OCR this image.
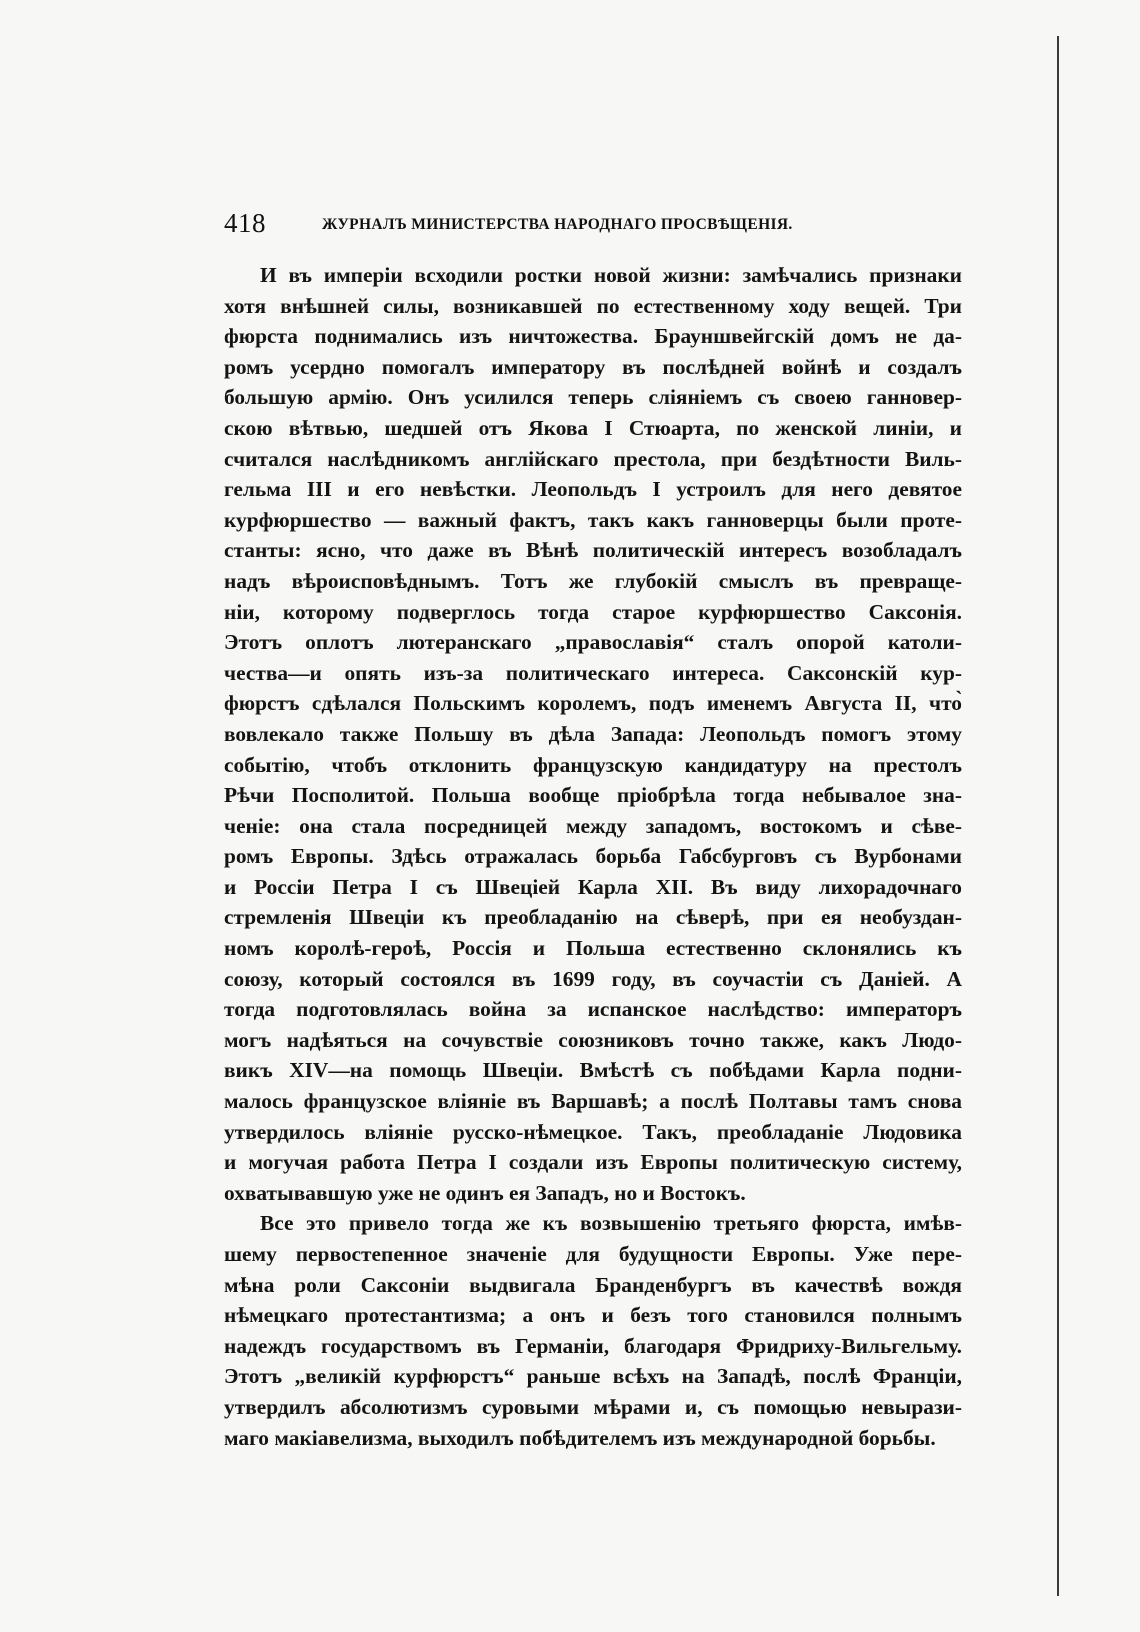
418	ЖУРНАЛЪ МИНИСТЕРСТВА НАРОДНАГО ПРОСВѢЩЕНІЯ.
И въ имперіи всходили ростки новой жизни: замѣчались признаки
хотя внѣшней силы, возникавшей по естественному ходу вещей. Три
фюрста поднимались изъ ничтожества. Брауншвейгскій домъ не да-
ромъ усердно помогалъ императору въ послѣдней войнѣ и создалъ
большую армію. Онъ усилился теперь сліяніемъ съ своею ганновер-
скою вѣтвью, шедшей отъ Якова I Стюарта, по женской линіи, и
считался наслѣдникомъ англійскаго престола, при бездѣтности Виль-
гельма III и его невѣстки. Леопольдъ I устроилъ для него девятое
курфюршество — важный фактъ, такъ какъ ганноверцы были проте-
станты: ясно, что даже въ Вѣнѣ политическій интересъ возобладалъ
надъ вѣроисповѣднымъ. Тотъ же глубокій смыслъ въ превраще-
ніи, которому подверглось тогда старое курфюршество Саксонія.
Этотъ оплотъ лютеранскаго „православія“ сталъ опорой католи-
чества—и опять изъ-за политическаго интереса. Саксонскій кур-
фюрстъ сдѣлался Польскимъ королемъ, подъ именемъ Августа II, что̀
вовлекало также Польшу въ дѣла Запада: Леопольдъ помогъ этому
событію, чтобъ отклонить французскую кандидатуру на престолъ
Рѣчи Посполитой. Польша вообще пріобрѣла тогда небывалое зна-
ченіе: она стала посредницей между западомъ, востокомъ и сѣве-
ромъ Европы. Здѣсь отражалась борьба Габсбурговъ съ Вурбонами
и Россіи Петра I съ Швеціей Карла XII. Въ виду лихорадочнаго
стремленія Швеціи къ преобладанію на сѣверѣ, при ея необуздан-
номъ королѣ-героѣ, Россія и Польша естественно склонялись къ
союзу, который состоялся въ 1699 году, въ соучастіи съ Даніей. А
тогда подготовлялась война за испанское наслѣдство: императоръ
могъ надѣяться на сочувствіе союзниковъ точно также, какъ Людо-
викъ XIV—на помощь Швеціи. Вмѣстѣ съ побѣдами Карла подни-
малось французское вліяніе въ Варшавѣ; а послѣ Полтавы тамъ снова
утвердилось вліяніе русско-нѣмецкое. Такъ, преобладаніе Людовика
и могучая работа Петра I создали изъ Европы политическую систему,
охватывавшую уже не одинъ ея Западъ, но и Востокъ.
Все это привело тогда же къ возвышенію третьяго фюрста, имѣв-
шему первостепенное значеніе для будущности Европы. Уже пере-
мѣна роли Саксоніи выдвигала Бранденбургъ въ качествѣ вождя
нѣмецкаго протестантизма; а онъ и безъ того становился полнымъ
надеждъ государствомъ въ Германіи, благодаря Фридриху-Вильгельму.
Этотъ „великій курфюрстъ“ раньше всѣхъ на Западѣ, послѣ Франціи,
утвердилъ абсолютизмъ суровыми мѣрами и, съ помощью невырази-
маго макіавелизма, выходилъ побѣдителемъ изъ международной борьбы.
